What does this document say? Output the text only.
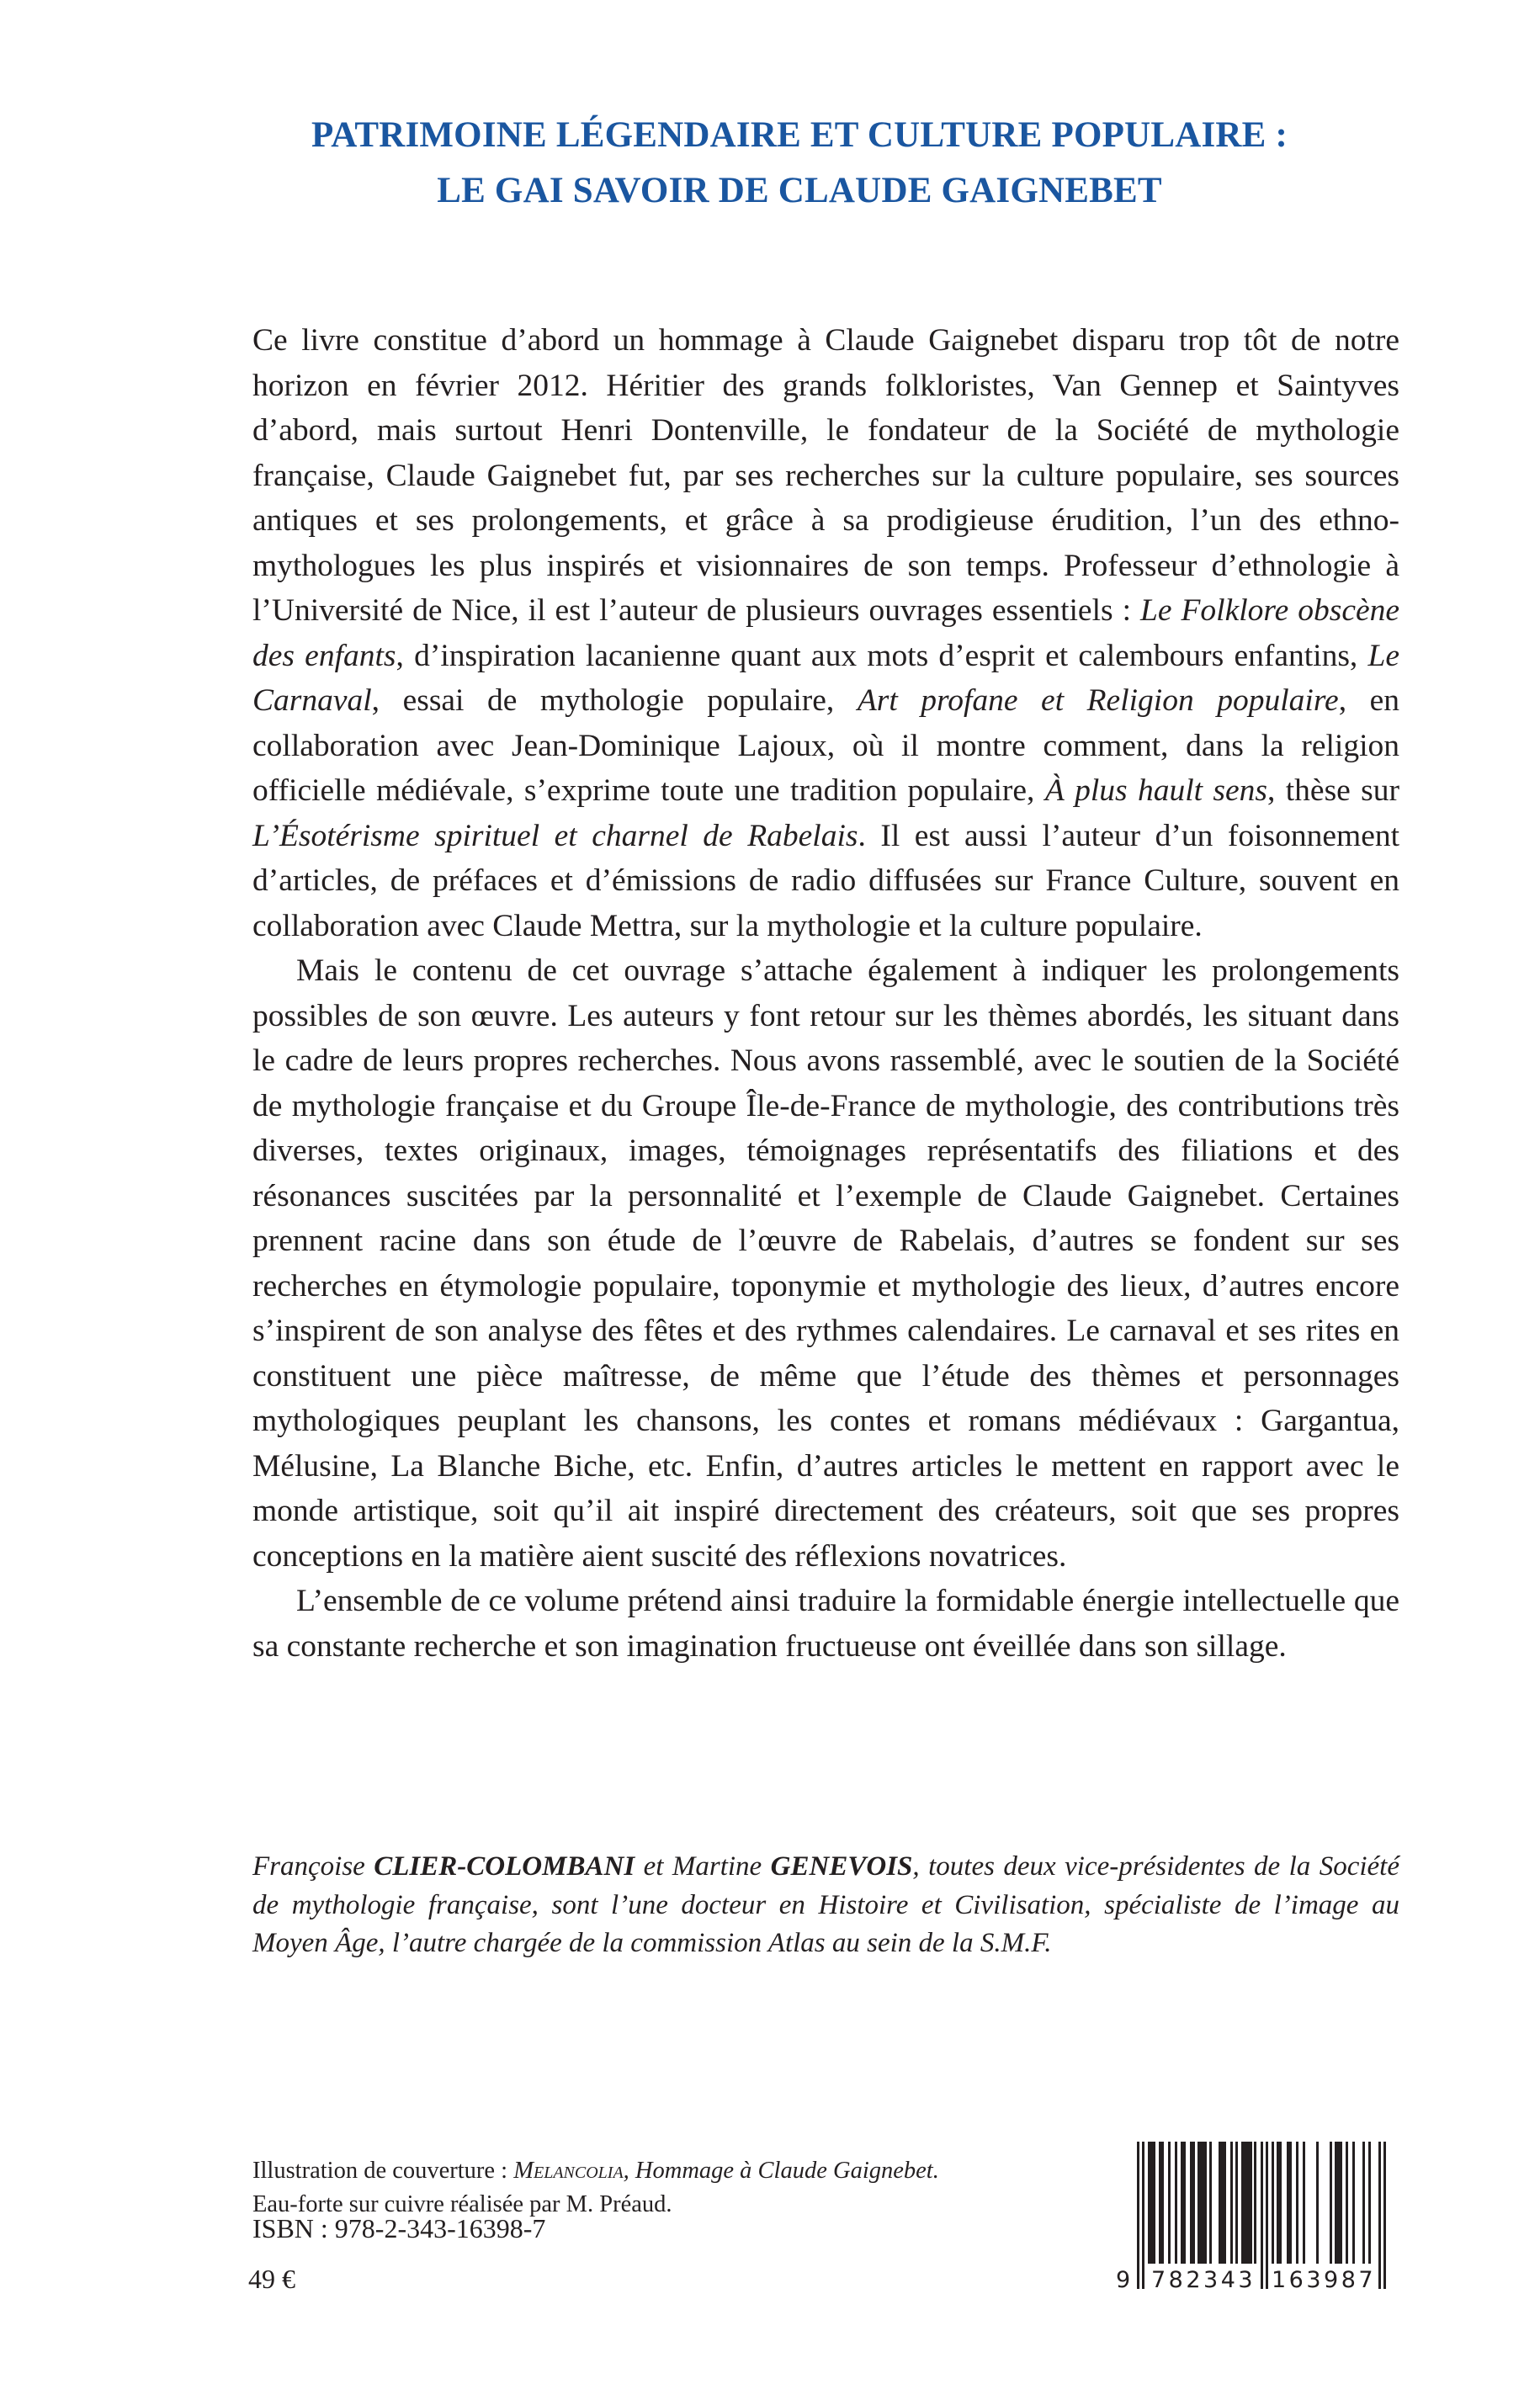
PATRIMOINE LÉGENDAIRE ET CULTURE POPULAIRE :
LE GAI SAVOIR DE CLAUDE GAIGNEBET

Ce livre constitue d’abord un hommage à Claude Gaignebet disparu trop tôt de notre horizon en février 2012. Héritier des grands folkloristes, Van Gennep et Saintyves d’abord, mais surtout Henri Dontenville, le fondateur de la Société de mythologie française, Claude Gaignebet fut, par ses recherches sur la culture populaire, ses sources antiques et ses prolongements, et grâce à sa prodigieuse érudition, l’un des ethno-mythologues les plus inspirés et visionnaires de son temps. Professeur d’ethnologie à l’Université de Nice, il est l’auteur de plusieurs ouvrages essentiels : Le Folklore obscène des enfants, d’inspiration lacanienne quant aux mots d’esprit et calembours enfantins, Le Carnaval, essai de mythologie populaire, Art profane et Religion populaire, en collaboration avec Jean-Dominique Lajoux, où il montre comment, dans la religion officielle médiévale, s’exprime toute une tradition populaire, À plus hault sens, thèse sur L’Ésotérisme spirituel et charnel de Rabelais. Il est aussi l’auteur d’un foisonnement d’articles, de préfaces et d’émissions de radio diffusées sur France Culture, souvent en collaboration avec Claude Mettra, sur la mythologie et la culture populaire.

Mais le contenu de cet ouvrage s’attache également à indiquer les prolongements possibles de son œuvre. Les auteurs y font retour sur les thèmes abordés, les situant dans le cadre de leurs propres recherches. Nous avons rassemblé, avec le soutien de la Société de mythologie française et du Groupe Île-de-France de mythologie, des contributions très diverses, textes originaux, images, témoignages représentatifs des filiations et des résonances suscitées par la personnalité et l’exemple de Claude Gaignebet. Certaines prennent racine dans son étude de l’œuvre de Rabelais, d’autres se fondent sur ses recherches en étymologie populaire, toponymie et mythologie des lieux, d’autres encore s’inspirent de son analyse des fêtes et des rythmes calendaires. Le carnaval et ses rites en constituent une pièce maîtresse, de même que l’étude des thèmes et personnages mythologiques peuplant les chansons, les contes et romans médiévaux : Gargantua, Mélusine, La Blanche Biche, etc. Enfin, d’autres articles le mettent en rapport avec le monde artistique, soit qu’il ait inspiré directement des créateurs, soit que ses propres conceptions en la matière aient suscité des réflexions novatrices.

L’ensemble de ce volume prétend ainsi traduire la formidable énergie intellectuelle que sa constante recherche et son imagination fructueuse ont éveillée dans son sillage.

Françoise CLIER-COLOMBANI et Martine GENEVOIS, toutes deux vice-présidentes de la Société de mythologie française, sont l’une docteur en Histoire et Civilisation, spécialiste de l’image au Moyen Âge, l’autre chargée de la commission Atlas au sein de la S.M.F.

Illustration de couverture : Melancolia, Hommage à Claude Gaignebet.
Eau-forte sur cuivre réalisée par M. Préaud.

ISBN : 978-2-343-16398-7

49 €	9 782343 163987
